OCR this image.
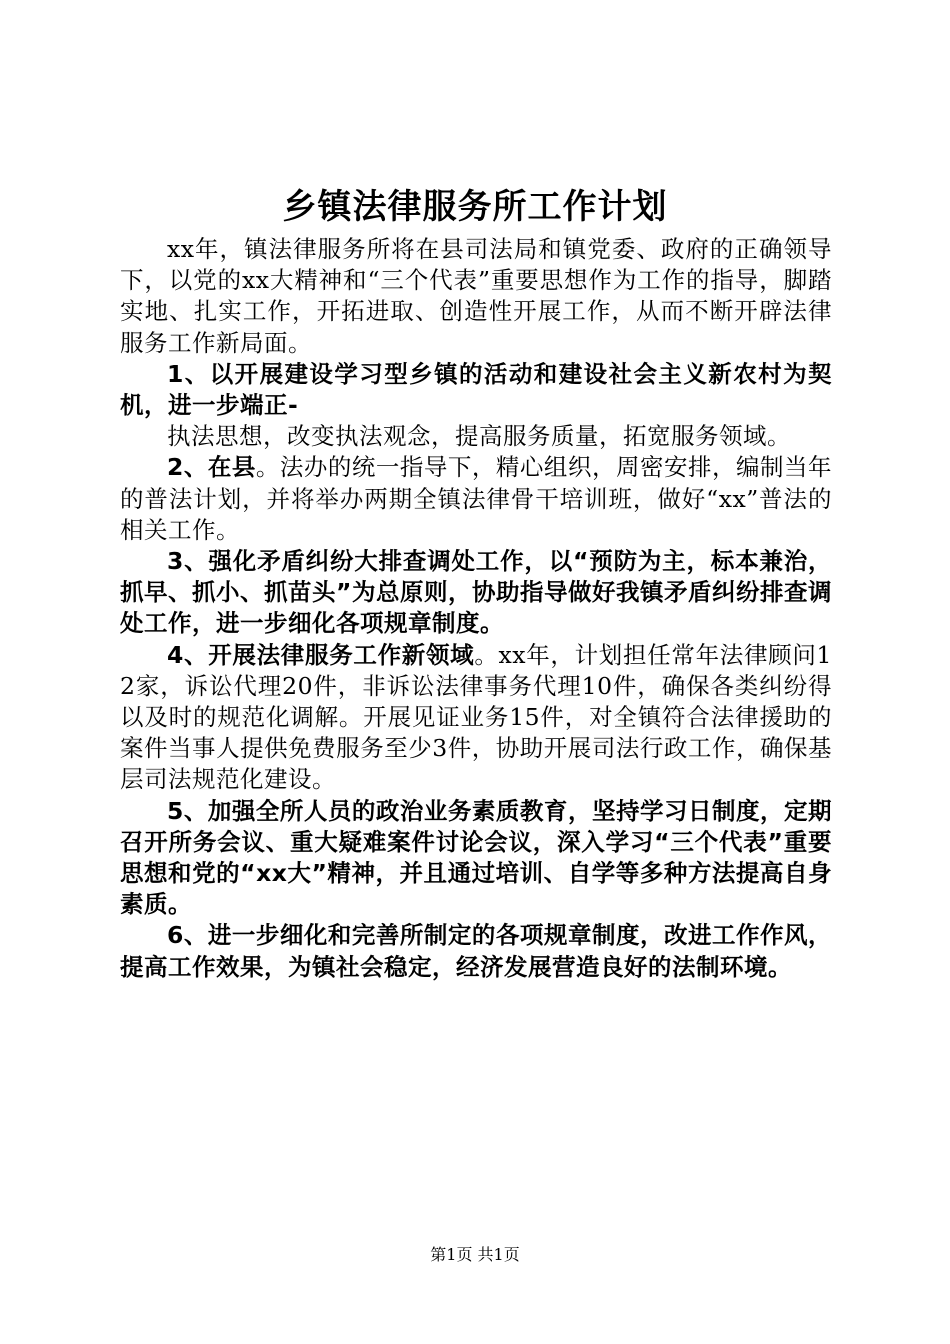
乡镇法律服务所工作计划

xx年，镇法律服务所将在县司法局和镇党委、政府的正确领导下，以党的xx大精神和“三个代表”重要思想作为工作的指导，脚踏实地、扎实工作，开拓进取、创造性开展工作，从而不断开辟法律服务工作新局面。

1、以开展建设学习型乡镇的活动和建设社会主义新农村为契机，进一步端正-

执法思想，改变执法观念，提高服务质量，拓宽服务领域。

2、在县。法办的统一指导下，精心组织，周密安排，编制当年的普法计划，并将举办两期全镇法律骨干培训班，做好“xx”普法的相关工作。

3、强化矛盾纠纷大排查调处工作，以“预防为主，标本兼治，抓早、抓小、抓苗头”为总原则，协助指导做好我镇矛盾纠纷排查调处工作，进一步细化各项规章制度。

4、开展法律服务工作新领域。xx年，计划担任常年法律顾问12家，诉讼代理20件，非诉讼法律事务代理10件，确保各类纠纷得以及时的规范化调解。开展见证业务15件，对全镇符合法律援助的案件当事人提供免费服务至少3件，协助开展司法行政工作，确保基层司法规范化建设。

5、加强全所人员的政治业务素质教育，坚持学习日制度，定期召开所务会议、重大疑难案件讨论会议，深入学习“三个代表”重要思想和党的“xx大”精神，并且通过培训、自学等多种方法提高自身素质。

6、进一步细化和完善所制定的各项规章制度，改进工作作风，提高工作效果，为镇社会稳定，经济发展营造良好的法制环境。

第1页 共1页
